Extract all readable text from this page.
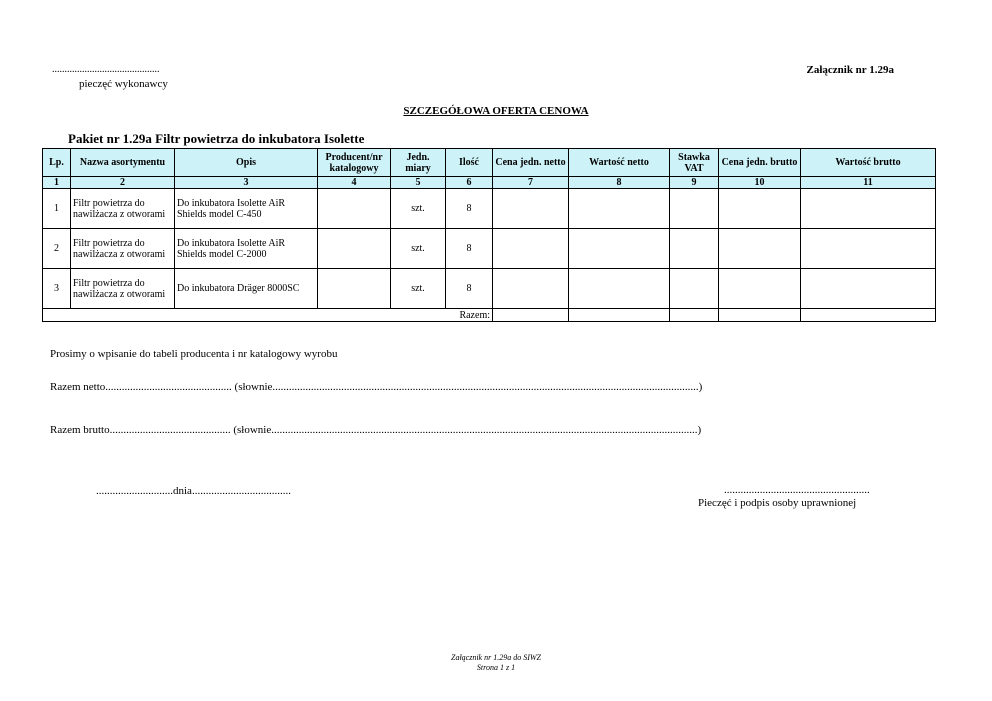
...........................................
pieczęć wykonawcy
Załącznik nr 1.29a
SZCZEGÓŁOWA OFERTA CENOWA
Pakiet nr 1.29a Filtr powietrza do inkubatora Isolette
Lp.	Nazwa asortymentu	Opis	Producent/nr katalogowy	Jedn. miary	Ilość	Cena jedn. netto	Wartość netto	Stawka VAT	Cena jedn. brutto	Wartość brutto
1	2	3	4	5	6	7	8	9	10	11
1	Filtr powietrza do nawilżacza z otworami	Do inkubatora Isolette AiR Shields model C-450		szt.	8					
2	Filtr powietrza do nawilżacza z otworami	Do inkubatora Isolette AiR Shields model C-2000		szt.	8					
3	Filtr powietrza do nawilżacza z otworami	Do inkubatora Dräger 8000SC		szt.	8					
Razem:										
Prosimy o wpisanie do tabeli producenta i nr katalogowy wyrobu
Razem netto.............................................. (słownie...........................................................................................................................................................)
Razem brutto............................................ (słownie...........................................................................................................................................................)
............................dnia....................................	.....................................................
Pieczęć i podpis osoby uprawnionej
Załącznik nr 1.29a do SIWZ
Strona 1 z 1
